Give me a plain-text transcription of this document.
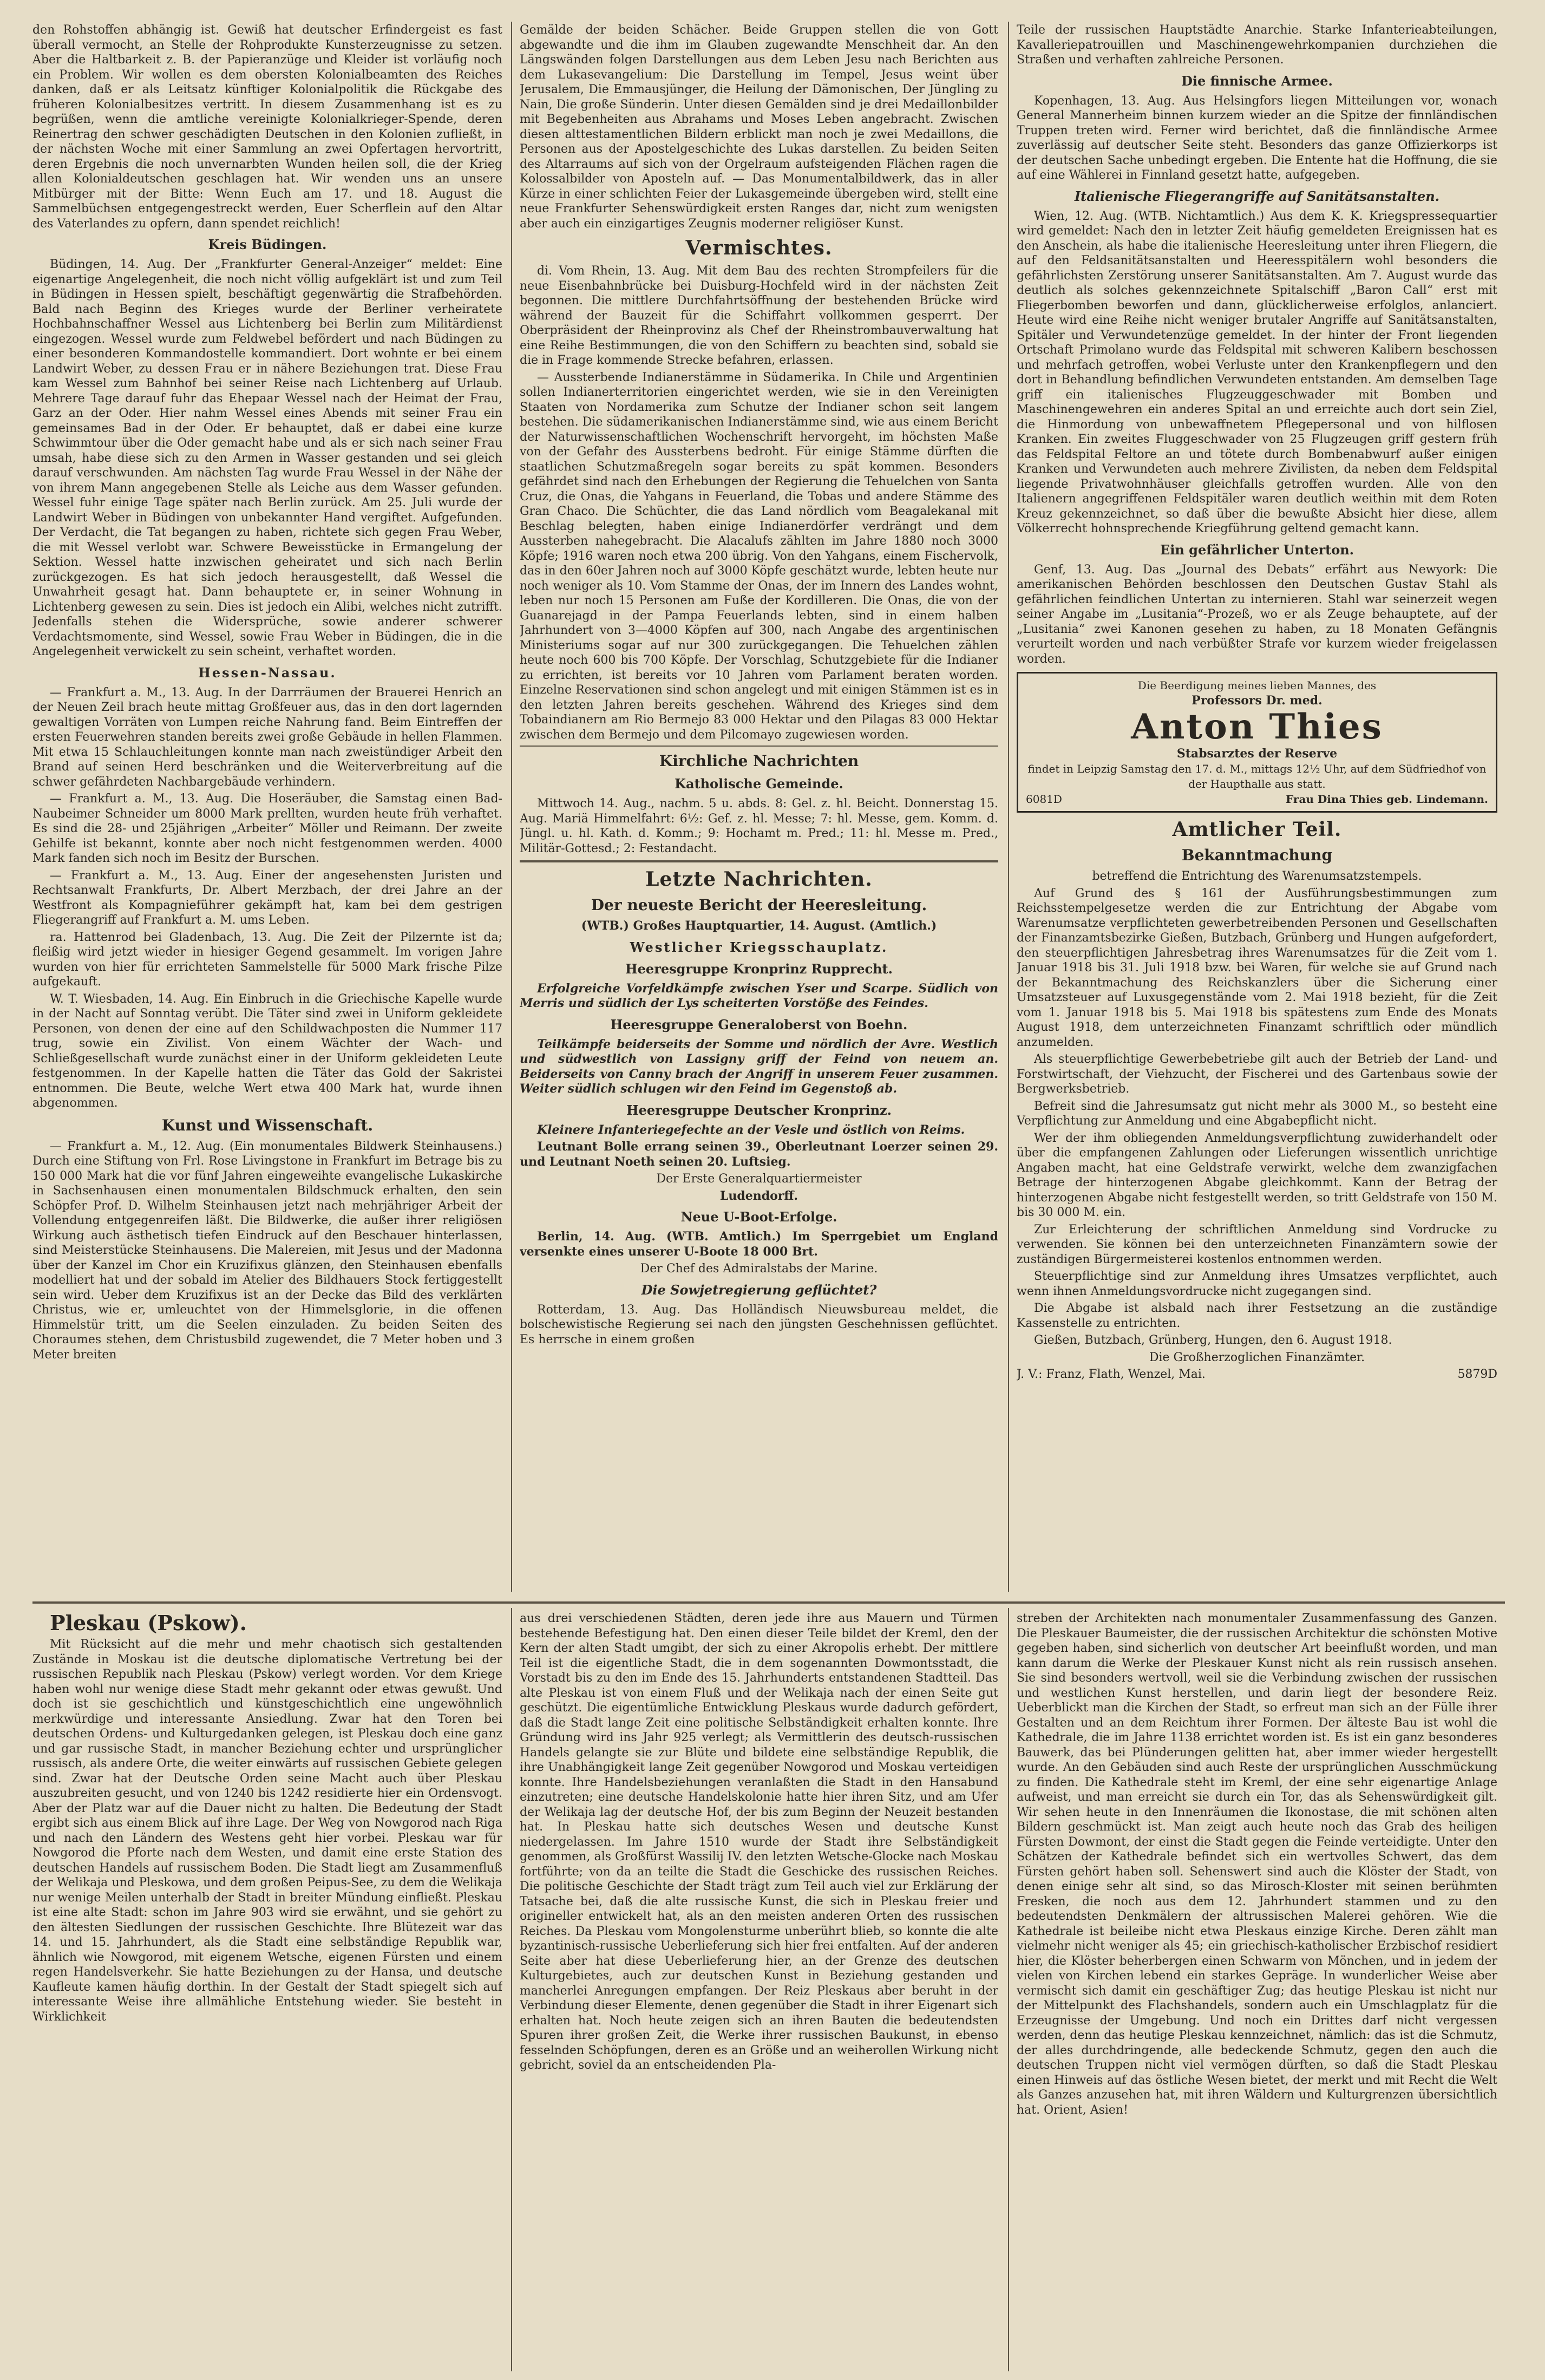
den Rohstoffen abhängig ist. Gewiß hat deutscher Erfindergeist es fast überall vermocht, an Stelle der Rohprodukte Kunsterzeugnisse zu setzen. Aber die Haltbarkeit z. B. der Papieranzüge und Kleider ist vorläufig noch ein Problem. Wir wollen es dem obersten Kolonialbeamten des Reiches danken, daß er als Leitsatz künftiger Kolonialpolitik die Rückgabe des früheren Kolonialbesitzes vertritt. In diesem Zusammenhang ist es zu begrüßen, wenn die amtliche vereinigte Kolonialkrieger-Spende, deren Reinertrag den schwer geschädigten Deutschen in den Kolonien zufließt, in der nächsten Woche mit einer Sammlung an zwei Opfertagen hervortritt, deren Ergebnis die noch unvernarbten Wunden heilen soll, die der Krieg allen Kolonialdeutschen geschlagen hat. Wir wenden uns an unsere Mitbürger mit der Bitte: Wenn Euch am 17. und 18. August die Sammelbüchsen entgegengestreckt werden, Euer Scherflein auf den Altar des Vaterlandes zu opfern, dann spendet reichlich!

Kreis Büdingen.

Büdingen, 14. Aug. Der „Frankfurter General-Anzeiger“ meldet: Eine eigenartige Angelegenheit, die noch nicht völlig aufgeklärt ist und zum Teil in Büdingen in Hessen spielt, beschäftigt gegenwärtig die Strafbehörden. Bald nach Beginn des Krieges wurde der Berliner verheiratete Hochbahnschaffner Wessel aus Lichtenberg bei Berlin zum Militärdienst eingezogen. Wessel wurde zum Feldwebel befördert und nach Büdingen zu einer besonderen Kommandostelle kommandiert. Dort wohnte er bei einem Landwirt Weber, zu dessen Frau er in nähere Beziehungen trat. Diese Frau kam Wessel zum Bahnhof bei seiner Reise nach Lichtenberg auf Urlaub. Mehrere Tage darauf fuhr das Ehepaar Wessel nach der Heimat der Frau, Garz an der Oder. Hier nahm Wessel eines Abends mit seiner Frau ein gemeinsames Bad in der Oder. Er behauptet, daß er dabei eine kurze Schwimmtour über die Oder gemacht habe und als er sich nach seiner Frau umsah, habe diese sich zu den Armen in Wasser gestanden und sei gleich darauf verschwunden. Am nächsten Tag wurde Frau Wessel in der Nähe der von ihrem Mann angegebenen Stelle als Leiche aus dem Wasser gefunden. Wessel fuhr einige Tage später nach Berlin zurück. Am 25. Juli wurde der Landwirt Weber in Büdingen von unbekannter Hand vergiftet. Aufgefunden. Der Verdacht, die Tat begangen zu haben, richtete sich gegen Frau Weber, die mit Wessel verlobt war. Schwere Beweisstücke in Ermangelung der Sektion. Wessel hatte inzwischen geheiratet und sich nach Berlin zurückgezogen. Es hat sich jedoch herausgestellt, daß Wessel die Unwahrheit gesagt hat. Dann behauptete er, in seiner Wohnung in Lichtenberg gewesen zu sein. Dies ist jedoch ein Alibi, welches nicht zutrifft. Jedenfalls stehen die Widersprüche, sowie anderer schwerer Verdachtsmomente, sind Wessel, sowie Frau Weber in Büdingen, die in die Angelegenheit verwickelt zu sein scheint, verhaftet worden.

Hessen-Nassau.

— Frankfurt a. M., 13. Aug. In der Darrräumen der Brauerei Henrich an der Neuen Zeil brach heute mittag Großfeuer aus, das in den dort lagernden gewaltigen Vorräten von Lumpen reiche Nahrung fand. Beim Eintreffen der ersten Feuerwehren standen bereits zwei große Gebäude in hellen Flammen. Mit etwa 15 Schlauchleitungen konnte man nach zweistündiger Arbeit den Brand auf seinen Herd beschränken und die Weiterverbreitung auf die schwer gefährdeten Nachbargebäude verhindern.

— Frankfurt a. M., 13. Aug. Die Hoseräuber, die Samstag einen Bad-Naubeimer Schneider um 8000 Mark prellten, wurden heute früh verhaftet. Es sind die 28- und 25jährigen „Arbeiter“ Möller und Reimann. Der zweite Gehilfe ist bekannt, konnte aber noch nicht festgenommen werden. 4000 Mark fanden sich noch im Besitz der Burschen.

— Frankfurt a. M., 13. Aug. Einer der angesehensten Juristen und Rechtsanwalt Frankfurts, Dr. Albert Merzbach, der drei Jahre an der Westfront als Kompagnieführer gekämpft hat, kam bei dem gestrigen Fliegerangriff auf Frankfurt a. M. ums Leben.

ra. Hattenrod bei Gladenbach, 13. Aug. Die Zeit der Pilzernte ist da; fleißig wird jetzt wieder in hiesiger Gegend gesammelt. Im vorigen Jahre wurden von hier für errichteten Sammelstelle für 5000 Mark frische Pilze aufgekauft.

W. T. Wiesbaden, 14. Aug. Ein Einbruch in die Griechische Kapelle wurde in der Nacht auf Sonntag verübt. Die Täter sind zwei in Uniform gekleidete Personen, von denen der eine auf den Schildwachposten die Nummer 117 trug, sowie ein Zivilist. Von einem Wächter der Wach- und Schließgesellschaft wurde zunächst einer in der Uniform gekleideten Leute festgenommen. In der Kapelle hatten die Täter das Gold der Sakristei entnommen. Die Beute, welche Wert etwa 400 Mark hat, wurde ihnen abgenommen.

Kunst und Wissenschaft.

— Frankfurt a. M., 12. Aug. (Ein monumentales Bildwerk Steinhausens.) Durch eine Stiftung von Frl. Rose Livingstone in Frankfurt im Betrage bis zu 150 000 Mark hat die vor fünf Jahren eingeweihte evangelische Lukaskirche in Sachsenhausen einen monumentalen Bildschmuck erhalten, den sein Schöpfer Prof. D. Wilhelm Steinhausen jetzt nach mehrjähriger Arbeit der Vollendung entgegenreifen läßt. Die Bildwerke, die außer ihrer religiösen Wirkung auch ästhetisch tiefen Eindruck auf den Beschauer hinterlassen, sind Meisterstücke Steinhausens. Die Malereien, mit Jesus und der Madonna über der Kanzel im Chor ein Kruzifixus glänzen, den Steinhausen ebenfalls modelliert hat und der sobald im Atelier des Bildhauers Stock fertiggestellt sein wird. Ueber dem Kruzifixus ist an der Decke das Bild des verklärten Christus, wie er, umleuchtet von der Himmelsglorie, in die offenen Himmelstür tritt, um die Seelen einzuladen. Zu beiden Seiten des Choraumes stehen, dem Christusbild zugewendet, die 7 Meter hoben und 3 Meter breiten

Gemälde der beiden Schächer. Beide Gruppen stellen die von Gott abgewandte und die ihm im Glauben zugewandte Menschheit dar. An den Längswänden folgen Darstellungen aus dem Leben Jesu nach Berichten aus dem Lukasevangelium: Die Darstellung im Tempel, Jesus weint über Jerusalem, Die Emmausjünger, die Heilung der Dämonischen, Der Jüngling zu Nain, Die große Sünderin. Unter diesen Gemälden sind je drei Medaillonbilder mit Begebenheiten aus Abrahams und Moses Leben angebracht. Zwischen diesen alttestamentlichen Bildern erblickt man noch je zwei Medaillons, die Personen aus der Apostelgeschichte des Lukas darstellen. Zu beiden Seiten des Altarraums auf sich von der Orgelraum aufsteigenden Flächen ragen die Kolossalbilder von Aposteln auf. — Das Monumentalbildwerk, das in aller Kürze in einer schlichten Feier der Lukasgemeinde übergeben wird, stellt eine neue Frankfurter Sehenswürdigkeit ersten Ranges dar, nicht zum wenigsten aber auch ein einzigartiges Zeugnis moderner religiöser Kunst.

Vermischtes.

di. Vom Rhein, 13. Aug. Mit dem Bau des rechten Strompfeilers für die neue Eisenbahnbrücke bei Duisburg-Hochfeld wird in der nächsten Zeit begonnen. Die mittlere Durchfahrtsöffnung der bestehenden Brücke wird während der Bauzeit für die Schiffahrt vollkommen gesperrt. Der Oberpräsident der Rheinprovinz als Chef der Rheinstrombauverwaltung hat eine Reihe Bestimmungen, die von den Schiffern zu beachten sind, sobald sie die in Frage kommende Strecke befahren, erlassen.

— Aussterbende Indianerstämme in Südamerika. In Chile und Argentinien sollen Indianerterritorien eingerichtet werden, wie sie in den Vereinigten Staaten von Nordamerika zum Schutze der Indianer schon seit langem bestehen. Die südamerikanischen Indianerstämme sind, wie aus einem Bericht der Naturwissenschaftlichen Wochenschrift hervorgeht, im höchsten Maße von der Gefahr des Aussterbens bedroht. Für einige Stämme dürften die staatlichen Schutzmaßregeln sogar bereits zu spät kommen. Besonders gefährdet sind nach den Erhebungen der Regierung die Tehuelchen von Santa Cruz, die Onas, die Yahgans in Feuerland, die Tobas und andere Stämme des Gran Chaco. Die Schüchter, die das Land nördlich vom Beagalekanal mit Beschlag belegten, haben einige Indianerdörfer verdrängt und dem Aussterben nahegebracht. Die Alacalufs zählten im Jahre 1880 noch 3000 Köpfe; 1916 waren noch etwa 200 übrig. Von den Yahgans, einem Fischervolk, das in den 60er Jahren noch auf 3000 Köpfe geschätzt wurde, lebten heute nur noch weniger als 10. Vom Stamme der Onas, der im Innern des Landes wohnt, leben nur noch 15 Personen am Fuße der Kordilleren. Die Onas, die von der Guanarejagd in der Pampa Feuerlands lebten, sind in einem halben Jahrhundert von 3—4000 Köpfen auf 300, nach Angabe des argentinischen Ministeriums sogar auf nur 300 zurückgegangen. Die Tehuelchen zählen heute noch 600 bis 700 Köpfe. Der Vorschlag, Schutzgebiete für die Indianer zu errichten, ist bereits vor 10 Jahren vom Parlament beraten worden. Einzelne Reservationen sind schon angelegt und mit einigen Stämmen ist es in den letzten Jahren bereits geschehen. Während des Krieges sind dem Tobaindianern am Rio Bermejo 83 000 Hektar und den Pilagas 83 000 Hektar zwischen dem Bermejo und dem Pilcomayo zugewiesen worden.

Kirchliche Nachrichten
Katholische Gemeinde.

Mittwoch 14. Aug., nachm. 5 u. abds. 8: Gel. z. hl. Beicht. Donnerstag 15. Aug. Mariä Himmelfahrt: 6½: Gef. z. hl. Messe; 7: hl. Messe, gem. Komm. d. Jüngl. u. hl. Kath. d. Komm.; 9: Hochamt m. Pred.; 11: hl. Messe m. Pred., Militär-Gottesd.; 2: Festandacht.

Letzte Nachrichten.
Der neueste Bericht der Heeresleitung.

(WTB.) Großes Hauptquartier, 14. August. (Amtlich.)

Westlicher Kriegsschauplatz.
Heeresgruppe Kronprinz Rupprecht.

Erfolgreiche Vorfeldkämpfe zwischen Yser und Scarpe. Südlich von Merris und südlich der Lys scheiterten Vorstöße des Feindes.

Heeresgruppe Generaloberst von Boehn.

Teilkämpfe beiderseits der Somme und nördlich der Avre. Westlich und südwestlich von Lassigny griff der Feind von neuem an. Beiderseits von Canny brach der Angriff in unserem Feuer zusammen. Weiter südlich schlugen wir den Feind im Gegenstoß ab.

Heeresgruppe Deutscher Kronprinz.

Kleinere Infanteriegefechte an der Vesle und östlich von Reims.

Leutnant Bolle errang seinen 39., Oberleutnant Loerzer seinen 29. und Leutnant Noeth seinen 20. Luftsieg.

Der Erste Generalquartiermeister

Ludendorff.

Neue U-Boot-Erfolge.

Berlin, 14. Aug. (WTB. Amtlich.) Im Sperrgebiet um England versenkte eines unserer U-Boote 18 000 Brt.

Der Chef des Admiralstabs der Marine.

Die Sowjetregierung geflüchtet?

Rotterdam, 13. Aug. Das Holländisch Nieuwsbureau meldet, die bolschewistische Regierung sei nach den jüngsten Geschehnissen geflüchtet. Es herrsche in einem großen

Teile der russischen Hauptstädte Anarchie. Starke Infanterieabteilungen, Kavalleriepatrouillen und Maschinengewehrkompanien durchziehen die Straßen und verhaften zahlreiche Personen.

Die finnische Armee.

Kopenhagen, 13. Aug. Aus Helsingfors liegen Mitteilungen vor, wonach General Mannerheim binnen kurzem wieder an die Spitze der finnländischen Truppen treten wird. Ferner wird berichtet, daß die finnländische Armee zuverlässig auf deutscher Seite steht. Besonders das ganze Offizierkorps ist der deutschen Sache unbedingt ergeben. Die Entente hat die Hoffnung, die sie auf eine Wählerei in Finnland gesetzt hatte, aufgegeben.

Italienische Fliegerangriffe auf Sanitätsanstalten.

Wien, 12. Aug. (WTB. Nichtamtlich.) Aus dem K. K. Kriegspressequartier wird gemeldet: Nach den in letzter Zeit häufig gemeldeten Ereignissen hat es den Anschein, als habe die italienische Heeresleitung unter ihren Fliegern, die auf den Feldsanitätsanstalten und Heeresspitälern wohl besonders die gefährlichsten Zerstörung unserer Sanitätsanstalten. Am 7. August wurde das deutlich als solches gekennzeichnete Spitalschiff „Baron Call“ erst mit Fliegerbomben beworfen und dann, glücklicherweise erfolglos, anlanciert. Heute wird eine Reihe nicht weniger brutaler Angriffe auf Sanitätsanstalten, Spitäler und Verwundetenzüge gemeldet. In der hinter der Front liegenden Ortschaft Primolano wurde das Feldspital mit schweren Kalibern beschossen und mehrfach getroffen, wobei Verluste unter den Krankenpflegern und den dort in Behandlung befindlichen Verwundeten entstanden. Am demselben Tage griff ein italienisches Flugzeuggeschwader mit Bomben und Maschinengewehren ein anderes Spital an und erreichte auch dort sein Ziel, die Hinmordung von unbewaffnetem Pflegepersonal und von hilflosen Kranken. Ein zweites Fluggeschwader von 25 Flugzeugen griff gestern früh das Feldspital Feltore an und tötete durch Bombenabwurf außer einigen Kranken und Verwundeten auch mehrere Zivilisten, da neben dem Feldspital liegende Privatwohnhäuser gleichfalls getroffen wurden. Alle von den Italienern angegriffenen Feldspitäler waren deutlich weithin mit dem Roten Kreuz gekennzeichnet, so daß über die bewußte Absicht hier diese, allem Völkerrecht hohnsprechende Kriegführung geltend gemacht kann.

Ein gefährlicher Unterton.

Genf, 13. Aug. Das „Journal des Debats“ erfährt aus Newyork: Die amerikanischen Behörden beschlossen den Deutschen Gustav Stahl als gefährlichen feindlichen Untertan zu internieren. Stahl war seinerzeit wegen seiner Angabe im „Lusitania“-Prozeß, wo er als Zeuge behauptete, auf der „Lusitania“ zwei Kanonen gesehen zu haben, zu 18 Monaten Gefängnis verurteilt worden und nach verbüßter Strafe vor kurzem wieder freigelassen worden.

Die Beerdigung meines lieben Mannes, des
Professors Dr. med.
Anton Thies
Stabsarztes der Reserve
findet in Leipzig Samstag den 17. d. M., mittags 12½ Uhr, auf dem Südfriedhof von der Haupthalle aus statt.
6081D	Frau Dina Thies geb. Lindemann.
Amtlicher Teil.
Bekanntmachung

betreffend die Entrichtung des Warenumsatzstempels.

Auf Grund des § 161 der Ausführungsbestimmungen zum Reichsstempelgesetze werden die zur Entrichtung der Abgabe vom Warenumsatze verpflichteten gewerbetreibenden Personen und Gesellschaften der Finanzamtsbezirke Gießen, Butzbach, Grünberg und Hungen aufgefordert, den steuerpflichtigen Jahresbetrag ihres Warenumsatzes für die Zeit vom 1. Januar 1918 bis 31. Juli 1918 bzw. bei Waren, für welche sie auf Grund nach der Bekanntmachung des Reichskanzlers über die Sicherung einer Umsatzsteuer auf Luxusgegenstände vom 2. Mai 1918 bezieht, für die Zeit vom 1. Januar 1918 bis 5. Mai 1918 bis spätestens zum Ende des Monats August 1918, dem unterzeichneten Finanzamt schriftlich oder mündlich anzumelden.

Als steuerpflichtige Gewerbebetriebe gilt auch der Betrieb der Land- und Forstwirtschaft, der Viehzucht, der Fischerei und des Gartenbaus sowie der Bergwerksbetrieb.

Befreit sind die Jahresumsatz gut nicht mehr als 3000 M., so besteht eine Verpflichtung zur Anmeldung und eine Abgabepflicht nicht.

Wer der ihm obliegenden Anmeldungsverpflichtung zuwiderhandelt oder über die empfangenen Zahlungen oder Lieferungen wissentlich unrichtige Angaben macht, hat eine Geldstrafe verwirkt, welche dem zwanzigfachen Betrage der hinterzogenen Abgabe gleichkommt. Kann der Betrag der hinterzogenen Abgabe nicht festgestellt werden, so tritt Geldstrafe von 150 M. bis 30 000 M. ein.

Zur Erleichterung der schriftlichen Anmeldung sind Vordrucke zu verwenden. Sie können bei den unterzeichneten Finanzämtern sowie der zuständigen Bürgermeisterei kostenlos entnommen werden.

Steuerpflichtige sind zur Anmeldung ihres Umsatzes verpflichtet, auch wenn ihnen Anmeldungsvordrucke nicht zugegangen sind.

Die Abgabe ist alsbald nach ihrer Festsetzung an die zuständige Kassenstelle zu entrichten.

Gießen, Butzbach, Grünberg, Hungen, den 6. August 1918.

Die Großherzoglichen Finanzämter.

J. V.: Franz, Flath, Wenzel, Mai.	5879D

Pleskau (Pskow).

Mit Rücksicht auf die mehr und mehr chaotisch sich gestaltenden Zustände in Moskau ist die deutsche diplomatische Vertretung bei der russischen Republik nach Pleskau (Pskow) verlegt worden. Vor dem Kriege haben wohl nur wenige diese Stadt mehr gekannt oder etwas gewußt. Und doch ist sie geschichtlich und künstgeschichtlich eine ungewöhnlich merkwürdige und interessante Ansiedlung. Zwar hat den Toren bei deutschen Ordens- und Kulturgedanken gelegen, ist Pleskau doch eine ganz und gar russische Stadt, in mancher Beziehung echter und ursprünglicher russisch, als andere Orte, die weiter einwärts auf russischen Gebiete gelegen sind. Zwar hat der Deutsche Orden seine Macht auch über Pleskau auszubreiten gesucht, und von 1240 bis 1242 residierte hier ein Ordensvogt. Aber der Platz war auf die Dauer nicht zu halten. Die Bedeutung der Stadt ergibt sich aus einem Blick auf ihre Lage. Der Weg von Nowgorod nach Riga und nach den Ländern des Westens geht hier vorbei. Pleskau war für Nowgorod die Pforte nach dem Westen, und damit eine erste Station des deutschen Handels auf russischem Boden. Die Stadt liegt am Zusammenfluß der Welikaja und Pleskowa, und dem großen Peipus-See, zu dem die Welikaja nur wenige Meilen unterhalb der Stadt in breiter Mündung einfließt. Pleskau ist eine alte Stadt: schon im Jahre 903 wird sie erwähnt, und sie gehört zu den ältesten Siedlungen der russischen Geschichte. Ihre Blütezeit war das 14. und 15. Jahrhundert, als die Stadt eine selbständige Republik war, ähnlich wie Nowgorod, mit eigenem Wetsche, eigenen Fürsten und einem regen Handelsverkehr. Sie hatte Beziehungen zu der Hansa, und deutsche Kaufleute kamen häufig dorthin. In der Gestalt der Stadt spiegelt sich auf interessante Weise ihre allmähliche Entstehung wieder. Sie besteht in Wirklichkeit

aus drei verschiedenen Städten, deren jede ihre aus Mauern und Türmen bestehende Befestigung hat. Den einen dieser Teile bildet der Kreml, den der Kern der alten Stadt umgibt, der sich zu einer Akropolis erhebt. Der mittlere Teil ist die eigentliche Stadt, die in dem sogenannten Dowmontsstadt, die Vorstadt bis zu den im Ende des 15. Jahrhunderts entstandenen Stadtteil. Das alte Pleskau ist von einem Fluß und der Welikaja nach der einen Seite gut geschützt. Die eigentümliche Entwicklung Pleskaus wurde dadurch gefördert, daß die Stadt lange Zeit eine politische Selbständigkeit erhalten konnte. Ihre Gründung wird ins Jahr 925 verlegt; als Vermittlerin des deutsch-russischen Handels gelangte sie zur Blüte und bildete eine selbständige Republik, die ihre Unabhängigkeit lange Zeit gegenüber Nowgorod und Moskau verteidigen konnte. Ihre Handelsbeziehungen veranlaßten die Stadt in den Hansabund einzutreten; eine deutsche Handelskolonie hatte hier ihren Sitz, und am Ufer der Welikaja lag der deutsche Hof, der bis zum Beginn der Neuzeit bestanden hat. In Pleskau hatte sich deutsches Wesen und deutsche Kunst niedergelassen. Im Jahre 1510 wurde der Stadt ihre Selbständigkeit genommen, als Großfürst Wassilij IV. den letzten Wetsche-Glocke nach Moskau fortführte; von da an teilte die Stadt die Geschicke des russischen Reiches. Die politische Geschichte der Stadt trägt zum Teil auch viel zur Erklärung der Tatsache bei, daß die alte russische Kunst, die sich in Pleskau freier und origineller entwickelt hat, als an den meisten anderen Orten des russischen Reiches. Da Pleskau vom Mongolensturme unberührt blieb, so konnte die alte byzantinisch-russische Ueberlieferung sich hier frei entfalten. Auf der anderen Seite aber hat diese Ueberlieferung hier, an der Grenze des deutschen Kulturgebietes, auch zur deutschen Kunst in Beziehung gestanden und mancherlei Anregungen empfangen. Der Reiz Pleskaus aber beruht in der Verbindung dieser Elemente, denen gegenüber die Stadt in ihrer Eigenart sich erhalten hat. Noch heute zeigen sich an ihren Bauten die bedeutendsten Spuren ihrer großen Zeit, die Werke ihrer russischen Baukunst, in ebenso fesselnden Schöpfungen, deren es an Größe und an weiherollen Wirkung nicht gebricht, soviel da an entscheidenden Pla-

streben der Architekten nach monumentaler Zusammenfassung des Ganzen. Die Pleskauer Baumeister, die der russischen Architektur die schönsten Motive gegeben haben, sind sicherlich von deutscher Art beeinflußt worden, und man kann darum die Werke der Pleskauer Kunst nicht als rein russisch ansehen. Sie sind besonders wertvoll, weil sie die Verbindung zwischen der russischen und westlichen Kunst herstellen, und darin liegt der besondere Reiz. Ueberblickt man die Kirchen der Stadt, so erfreut man sich an der Fülle ihrer Gestalten und an dem Reichtum ihrer Formen. Der älteste Bau ist wohl die Kathedrale, die im Jahre 1138 errichtet worden ist. Es ist ein ganz besonderes Bauwerk, das bei Plünderungen gelitten hat, aber immer wieder hergestellt wurde. An den Gebäuden sind auch Reste der ursprünglichen Ausschmückung zu finden. Die Kathedrale steht im Kreml, der eine sehr eigenartige Anlage aufweist, und man erreicht sie durch ein Tor, das als Sehenswürdigkeit gilt. Wir sehen heute in den Innenräumen die Ikonostase, die mit schönen alten Bildern geschmückt ist. Man zeigt auch heute noch das Grab des heiligen Fürsten Dowmont, der einst die Stadt gegen die Feinde verteidigte. Unter den Schätzen der Kathedrale befindet sich ein wertvolles Schwert, das dem Fürsten gehört haben soll. Sehenswert sind auch die Klöster der Stadt, von denen einige sehr alt sind, so das Mirosch-Kloster mit seinen berühmten Fresken, die noch aus dem 12. Jahrhundert stammen und zu den bedeutendsten Denkmälern der altrussischen Malerei gehören. Wie die Kathedrale ist beileibe nicht etwa Pleskaus einzige Kirche. Deren zählt man vielmehr nicht weniger als 45; ein griechisch-katholischer Erzbischof residiert hier, die Klöster beherbergen einen Schwarm von Mönchen, und in jedem der vielen von Kirchen lebend ein starkes Gepräge. In wunderlicher Weise aber vermischt sich damit ein geschäftiger Zug; das heutige Pleskau ist nicht nur der Mittelpunkt des Flachshandels, sondern auch ein Umschlagplatz für die Erzeugnisse der Umgebung. Und noch ein Drittes darf nicht vergessen werden, denn das heutige Pleskau kennzeichnet, nämlich: das ist die Schmutz, der alles durchdringende, alle bedeckende Schmutz, gegen den auch die deutschen Truppen nicht viel vermögen dürften, so daß die Stadt Pleskau einen Hinweis auf das östliche Wesen bietet, der merkt und mit Recht die Welt als Ganzes anzusehen hat, mit ihren Wäldern und Kulturgrenzen übersichtlich hat. Orient, Asien!
